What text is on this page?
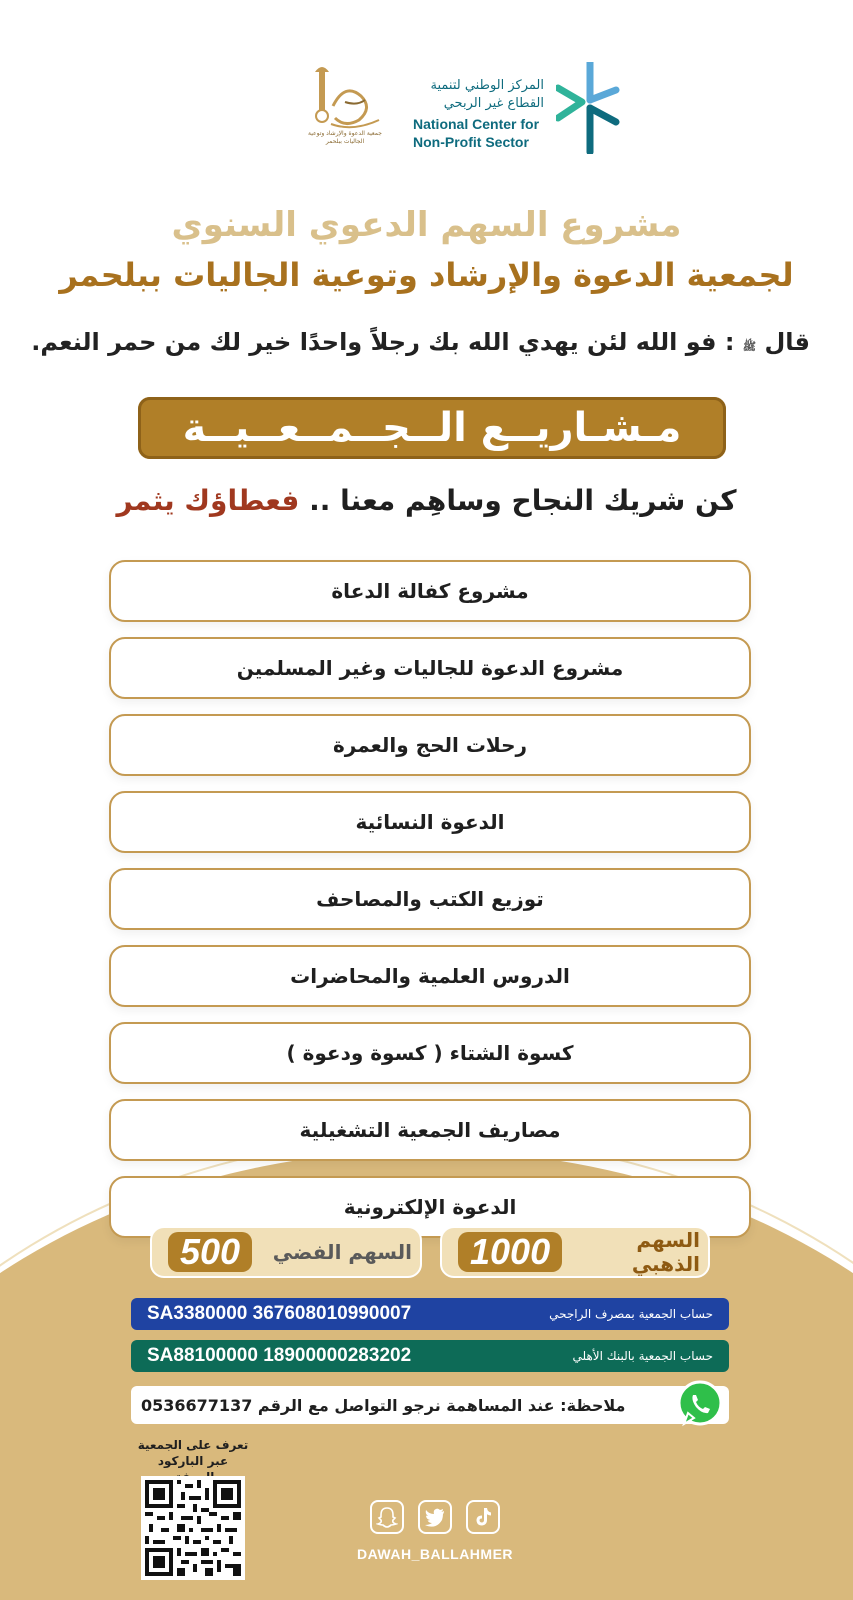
المركز الوطني لتنمية
القطاع غير الربحي
National Center for
Non-Profit Sector
جمعية الدعوة والإرشاد وتوعية الجاليات ببلحمر
مشروع السهم الدعوي السنوي
لجمعية الدعوة والإرشاد وتوعية الجاليات ببلحمر
قال ﷺ : فو الله لئن يهدي الله بك رجلاً واحدًا خير لك من حمر النعم.
مـشـاريــع الــجــمــعــيــة
كن شريك النجاح وساهِم معنا .. فعطاؤك يثمر
مشروع كفالة الدعاة
مشروع الدعوة للجاليات وغير المسلمين
رحلات الحج والعمرة
الدعوة النسائية
توزيع الكتب والمصاحف
الدروس العلمية والمحاضرات
كسوة الشتاء ( كسوة ودعوة )
مصاريف الجمعية التشغيلية
الدعوة الإلكترونية
السهم الذهبي
1000
السهم الفضي
500
حساب الجمعية بمصرف الراجحي
SA3380000 367608010990007
حساب الجمعية بالبنك الأهلي
SA88100000 18900000283202
ملاحظة: عند المساهمة نرجو التواصل مع الرقم 0536677137
تعرف على الجمعية
عبر الباركود
DAWAH_BALLAHMER
